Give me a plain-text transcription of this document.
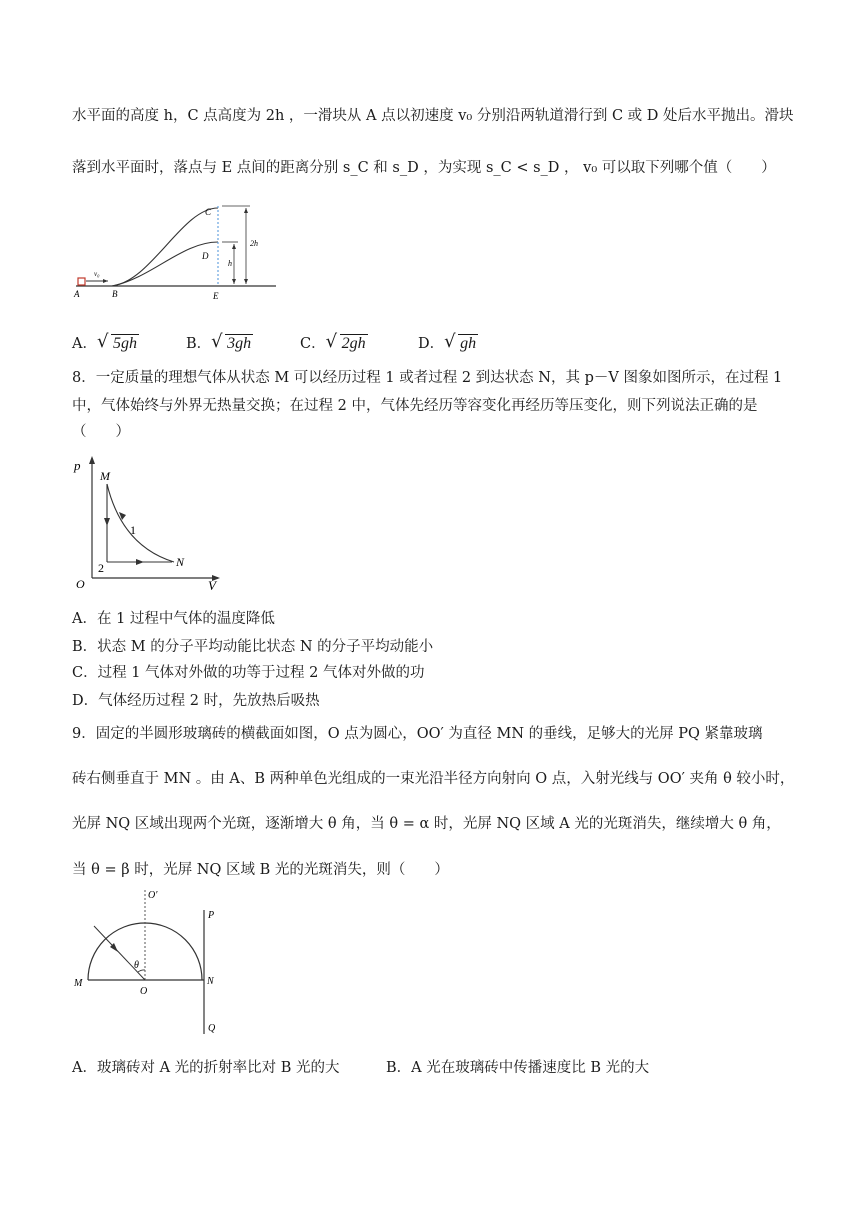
水平面的高度 h，C 点高度为 2h ，一滑块从 A 点以初速度 v₀ 分别沿两轨道滑行到 C 或 D 处后水平抛出。滑块
落到水平面时，落点与 E 点间的距离分别 s_C 和 s_D ，为实现 s_C < s_D ， v₀ 可以取下列哪个值（　　）
A
v₀
B
C
D
E
h
2h
A． √ 5gh	B． √ 3gh	C． √ 2gh	D． √ gh
8．一定质量的理想气体从状态 M 可以经历过程 1 或者过程 2 到达状态 N，其 p－V 图象如图所示，在过程 1
中，气体始终与外界无热量交换；在过程 2 中，气体先经历等容变化再经历等压变化，则下列说法正确的是
（　　）
p
M
1
2	N
O	V
A．在 1 过程中气体的温度降低
B．状态 M 的分子平均动能比状态 N 的分子平均动能小
C．过程 1 气体对外做的功等于过程 2 气体对外做的功
D．气体经历过程 2 时，先放热后吸热
9．固定的半圆形玻璃砖的横截面如图，O 点为圆心，OO′ 为直径 MN 的垂线，足够大的光屏 PQ 紧靠玻璃
砖右侧垂直于 MN 。由 A、B 两种单色光组成的一束光沿半径方向射向 O 点，入射光线与 OO′ 夹角 θ 较小时，
光屏 NQ 区域出现两个光斑，逐渐增大 θ 角，当 θ = α 时，光屏 NQ 区域 A 光的光斑消失，继续增大 θ 角，
当 θ = β 时，光屏 NQ 区域 B 光的光斑消失，则（　　）
O′
P
θ
M	N
O
Q
A．玻璃砖对 A 光的折射率比对 B 光的大	B．A 光在玻璃砖中传播速度比 B 光的大
